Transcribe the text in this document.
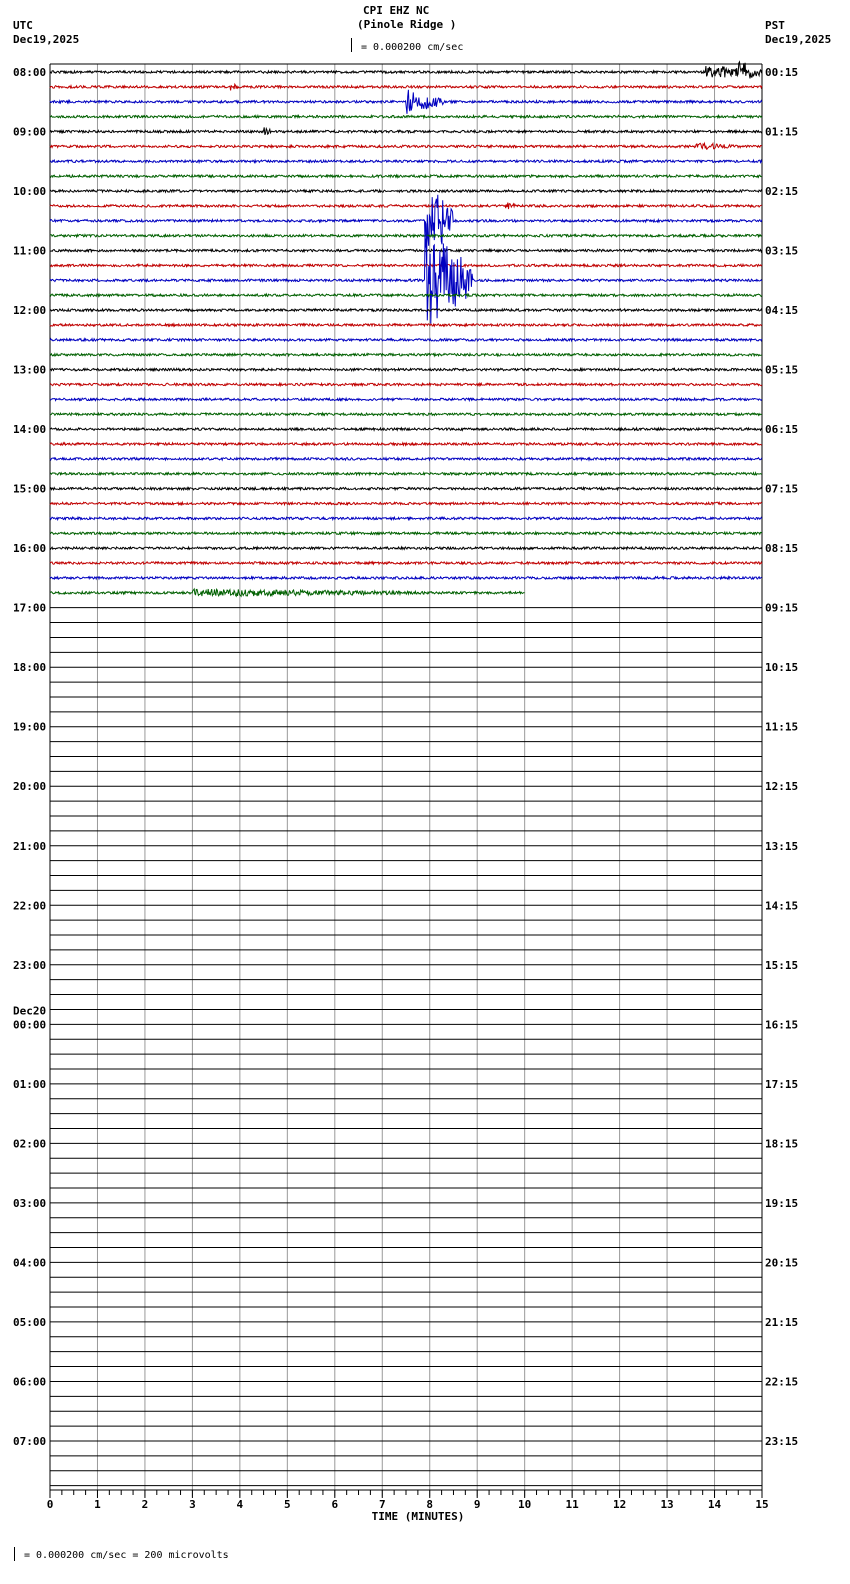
CPI EHZ NC
(Pinole Ridge )
= 0.000200 cm/sec
UTC
Dec19,2025
PST
Dec19,2025
08:00	00:15
09:00	01:15
10:00	02:15
11:00	03:15
12:00	04:15
13:00	05:15
14:00	06:15
15:00	07:15
16:00	08:15
17:00	09:15
18:00	10:15
19:00	11:15
20:00	12:15
21:00	13:15
22:00	14:15
23:00	15:15
Dec20
00:00	16:15
01:00	17:15
02:00	18:15
03:00	19:15
04:00	20:15
05:00	21:15
06:00	22:15
07:00	23:15
0	1	2	3	4	5	6	7	8	9	10	11	12	13	14	15
TIME (MINUTES)
= 0.000200 cm/sec = 200 microvolts
